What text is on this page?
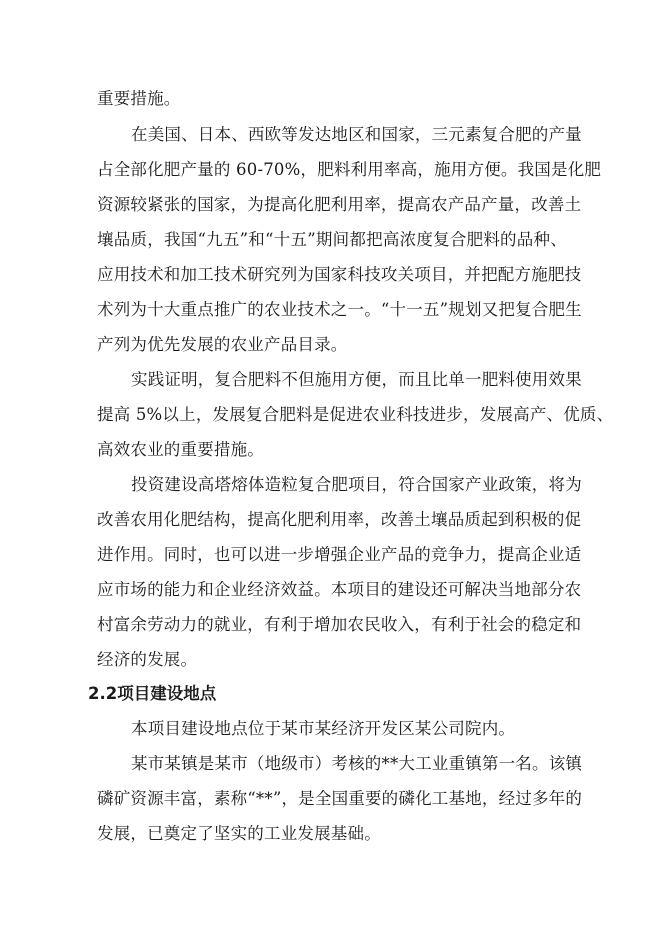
重要措施。
在美国、日本、西欧等发达地区和国家，三元素复合肥的产量
占全部化肥产量的 60-70%，肥料利用率高，施用方便。我国是化肥
资源较紧张的国家，为提高化肥利用率，提高农产品产量，改善土
壤品质，我国“九五”和“十五”期间都把高浓度复合肥料的品种、
应用技术和加工技术研究列为国家科技攻关项目，并把配方施肥技
术列为十大重点推广的农业技术之一。“十一五”规划又把复合肥生
产列为优先发展的农业产品目录。
实践证明，复合肥料不但施用方便，而且比单一肥料使用效果
提高 5%以上，发展复合肥料是促进农业科技进步，发展高产、优质、
高效农业的重要措施。
投资建设高塔熔体造粒复合肥项目，符合国家产业政策，将为
改善农用化肥结构，提高化肥利用率，改善土壤品质起到积极的促
进作用。同时，也可以进一步增强企业产品的竞争力，提高企业适
应市场的能力和企业经济效益。本项目的建设还可解决当地部分农
村富余劳动力的就业，有利于增加农民收入，有利于社会的稳定和
经济的发展。
2.2项目建设地点
本项目建设地点位于某市某经济开发区某公司院内。
某市某镇是某市（地级市）考核的**大工业重镇第一名。该镇
磷矿资源丰富，素称“**”，是全国重要的磷化工基地，经过多年的
发展，已奠定了坚实的工业发展基础。
